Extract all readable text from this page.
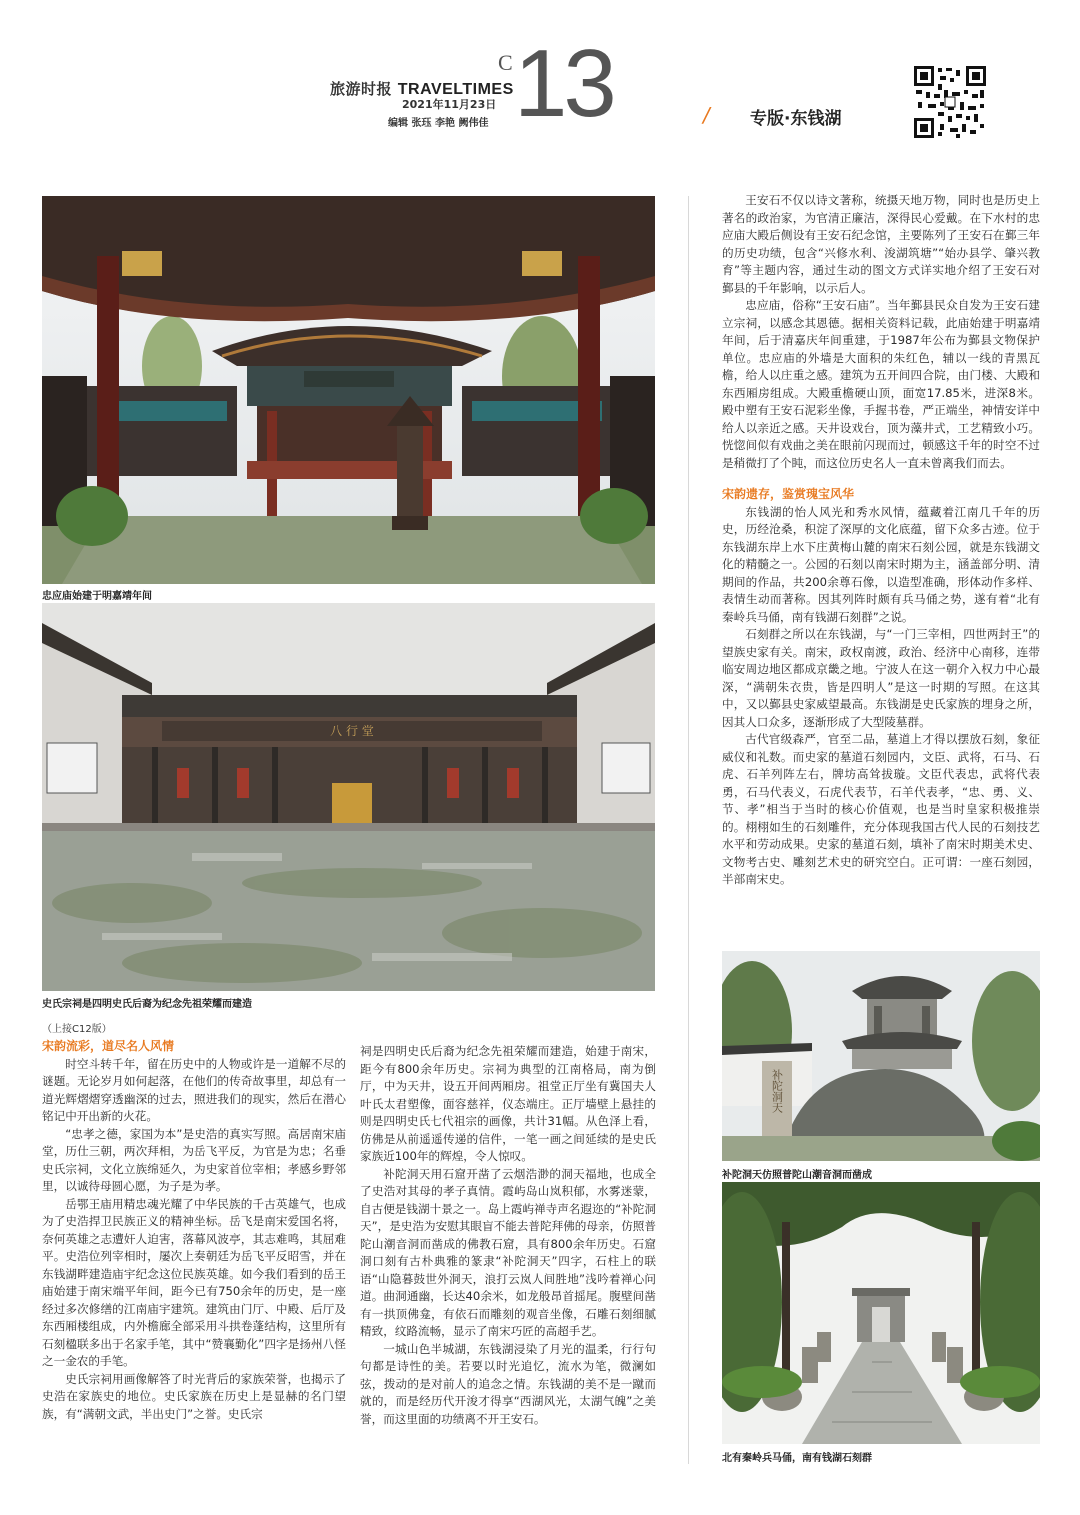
旅游时报 TRAVELTIMES
2021年11月23日
编辑 张珏 李艳 阙伟佳
C 13	/ 专版·东钱湖
忠应庙始建于明嘉靖年间
八 行 堂
史氏宗祠是四明史氏后裔为纪念先祖荣耀而建造
（上接C12版）

宋韵流彩，道尽名人风情

时空斗转千年，留在历史中的人物或许是一道解不尽的谜题。无论岁月如何起落，在他们的传奇故事里，却总有一道光辉熠熠穿透幽深的过去，照进我们的现实，然后在潜心铭记中开出新的火花。

“忠孝之德，家国为本”是史浩的真实写照。高居南宋庙堂，历仕三朝，两次拜相，为岳飞平反，为官是为忠；名垂史氏宗祠，文化立族绵延久，为史家首位宰相；孝感乡野邻里，以诚待母圆心愿，为子是为孝。

岳鄂王庙用精忠魂光耀了中华民族的千古英雄气，也成为了史浩捍卫民族正义的精神坐标。岳飞是南宋爱国名将，奈何英雄之志遭奸人迫害，落幕风波亭，其志难鸣，其屈难平。史浩位列宰相时，屡次上奏朝廷为岳飞平反昭雪，并在东钱湖畔建造庙宇纪念这位民族英雄。如今我们看到的岳王庙始建于南宋端平年间，距今已有750余年的历史，是一座经过多次修缮的江南庙宇建筑。建筑由门厅、中殿、后厅及东西厢楼组成，内外檐廊全部采用斗拱卷蓬结构，这里所有石刻楹联多出于名家手笔，其中“赞襄勤化”四字是扬州八怪之一金农的手笔。

史氏宗祠用画像解答了时光背后的家族荣誉，也揭示了史浩在家族史的地位。史氏家族在历史上是显赫的名门望族，有“满朝文武，半出史门”之誉。史氏宗

祠是四明史氏后裔为纪念先祖荣耀而建造，始建于南宋，距今有800余年历史。宗祠为典型的江南格局，南为倒厅，中为天井，设五开间两厢房。祖堂正厅坐有冀国夫人叶氏太君塑像，面容慈祥，仪态端庄。正厅墙壁上悬挂的则是四明史氏七代祖宗的画像，共计31幅。从色泽上看，仿佛是从前遥遥传递的信件，一笔一画之间延续的是史氏家族近100年的辉煌，令人惊叹。

补陀洞天用石窟开凿了云烟浩渺的洞天福地，也成全了史浩对其母的孝子真情。霞屿岛山岚积郁，水雾迷蒙，自古便是钱湖十景之一。岛上霞屿禅寺声名遐迩的“补陀洞天”，是史浩为安慰其眼盲不能去普陀拜佛的母亲，仿照普陀山潮音洞而凿成的佛教石窟，具有800余年历史。石窟洞口刻有古朴典雅的篆隶“补陀洞天”四字，石柱上的联语“山隐暮鼓世外洞天，浪打云岚人间胜地”浅吟着禅心问道。曲洞通幽，长达40余米，如龙般昂首摇尾。腹壁间凿有一拱顶佛龛，有依石而雕刻的观音坐像，石雕石刻细腻精致，纹路流畅，显示了南宋巧匠的高超手艺。

一城山色半城湖，东钱湖浸染了月光的温柔，行行句句都是诗性的美。若要以时光追忆，流水为笔，微澜如弦，拨动的是对前人的追念之情。东钱湖的美不是一蹴而就的，而是经历代开浚才得享“西湖风光，太湖气魄”之美誉，而这里面的功绩离不开王安石。

王安石不仅以诗文著称，统摄天地万物，同时也是历史上著名的政治家，为官清正廉洁，深得民心爱戴。在下水村的忠应庙大殿后侧设有王安石纪念馆，主要陈列了王安石在鄞三年的历史功绩，包含“兴修水利、浚湖筑塘”“始办县学、肇兴教育”等主题内容，通过生动的图文方式详实地介绍了王安石对鄞县的千年影响，以示后人。

忠应庙，俗称“王安石庙”。当年鄞县民众自发为王安石建立宗祠，以感念其恩德。据相关资料记载，此庙始建于明嘉靖年间，后于清嘉庆年间重建，于1987年公布为鄞县文物保护单位。忠应庙的外墙是大面积的朱红色，辅以一线的青黑瓦檐，给人以庄重之感。建筑为五开间四合院，由门楼、大殿和东西厢房组成。大殿重檐硬山顶，面宽17.85米，进深8米。殿中塑有王安石泥彩坐像，手握书卷，严正端坐，神情安详中给人以亲近之感。天井设戏台，顶为藻井式，工艺精致小巧。恍惚间似有戏曲之美在眼前闪现而过，顿感这千年的时空不过是稍微打了个盹，而这位历史名人一直未曾离我们而去。

宋韵遗存，鉴赏瑰宝风华

东钱湖的怡人风光和秀水风情，蕴藏着江南几千年的历史，历经沧桑，积淀了深厚的文化底蕴，留下众多古迹。位于东钱湖东岸上水下庄黄梅山麓的南宋石刻公园，就是东钱湖文化的精髓之一。公园的石刻以南宋时期为主，涵盖部分明、清期间的作品，共200余尊石像，以造型准确，形体动作多样、表情生动而著称。因其列阵时颇有兵马俑之势，遂有着“北有秦岭兵马俑，南有钱湖石刻群”之说。

石刻群之所以在东钱湖，与“一门三宰相，四世两封王”的望族史家有关。南宋，政权南渡，政治、经济中心南移，连带临安周边地区都成京畿之地。宁波人在这一朝介入权力中心最深，“满朝朱衣贵，皆是四明人”是这一时期的写照。在这其中，又以鄞县史家威望最高。东钱湖是史氏家族的埋身之所，因其人口众多，逐渐形成了大型陵墓群。

古代官级森严，官至二品，墓道上才得以摆放石刻，象征威仪和礼数。而史家的墓道石刻园内，文臣、武将，石马、石虎、石羊列阵左右，牌坊高耸拔璇。文臣代表忠，武将代表勇，石马代表义，石虎代表节，石羊代表孝，“忠、勇、义、节、孝”相当于当时的核心价值观，也是当时皇家积极推崇的。栩栩如生的石刻雕件，充分体现我国古代人民的石刻技艺水平和劳动成果。史家的墓道石刻，填补了南宋时期美术史、文物考古史、雕刻艺术史的研究空白。正可谓：一座石刻园，半部南宋史。

补陀洞天
补陀洞天仿照普陀山潮音洞而凿成
北有秦岭兵马俑，南有钱湖石刻群
